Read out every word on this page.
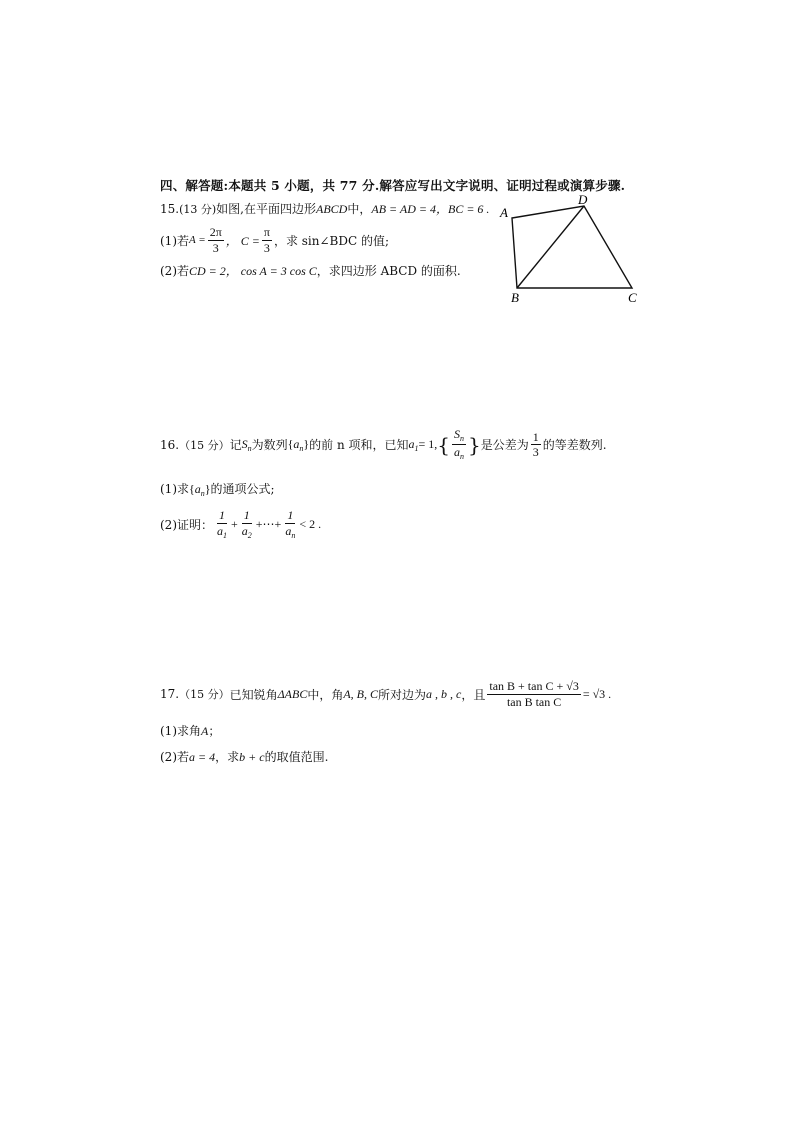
四、解答题:本题共 5 小题，共 77 分.解答应写出文字说明、证明过程或演算步骤.
15.(13 分)如图,在平面四边形ABCD中，AB = AD = 4，BC = 6 .
(1)若 $A = \frac{2\pi}{3}$ ， $C = \frac{\pi}{3}$ ，求 sin∠BDC 的值;
(2)若CD = 2， cos A = 3 cos C，求四边形 ABCD 的面积.
A
D
B	C
16. （15 分） 记 $S_n$ 为数列 $\{a_n\}$ 的前 n 项和，已知 $a_1 = 1$, { $\frac{S_n}{a_n}$ } 是公差为 $\frac{1}{3}$ 的等差数列.
(1)求$\{a_n\}$的通项公式;
(2)证明： $\frac{1}{a_1} + \frac{1}{a_2}$ +⋯+ $\frac{1}{a_n} < 2$ .
17. （15 分） 已知锐角 ΔABC 中，角 A, B, C 所对边为 a , b , c ，且 $\frac{\text{tan B + tan C + √3}}{\text{tan B tan C}} = √3$ .
(1)求角A；
(2)若a = 4，求b + c的取值范围.
